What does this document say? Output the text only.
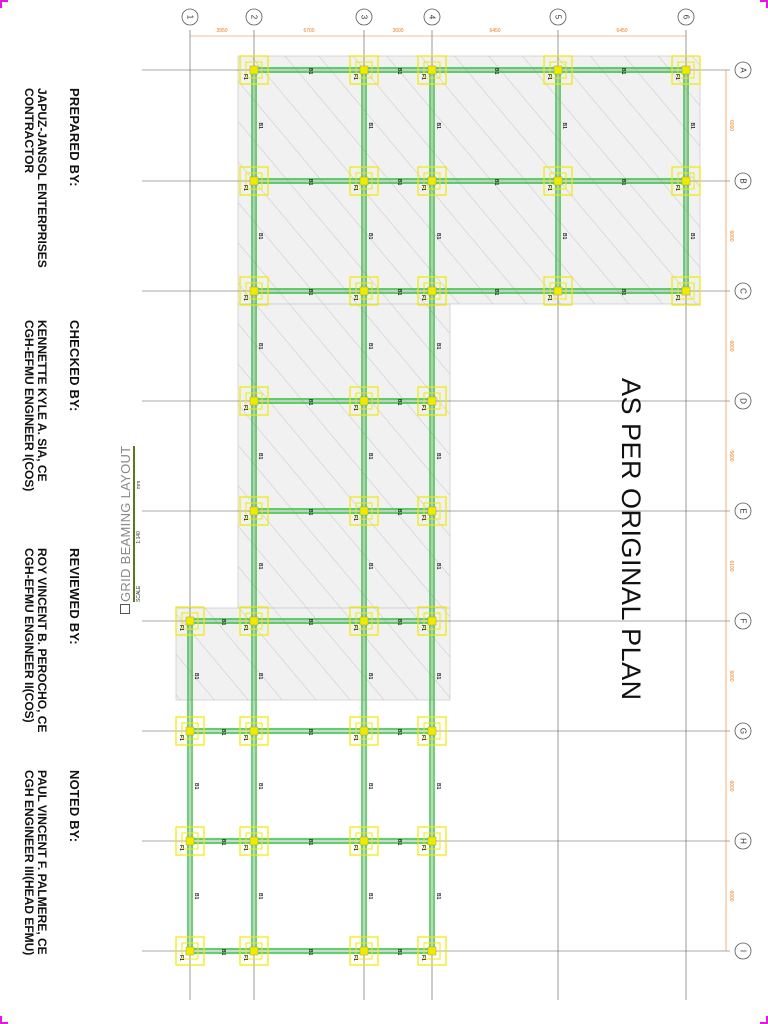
F1	F1	F1	F1	F1
F1	F1	F1	F1	F1
F1	F1	F1	F1	F1
F1	F1	F1
F1	F1	F1
F1	F1	F1	F1
F1	F1	F1	F1
F1	F1	F1	F1
F1	F1	F1	F1
B1	B1	B1	B1
B1	B1	B1	B1
B1	B1	B1	B1
B1	B1
B1	B1
B1	B1	B1
B1	B1	B1
B1	B1	B1
B1	B1	B1
B1
B1
B1
B1
B1
B1
B1
B1
B1
B1
B1
B1
B1
B1
B1
B1
B1
B1
B1
B1
B1
B1
B1
B1
B1
B1
B1
B1
B1
B1
B1
3950	6700	3600	6450	6450
6000
6000
6000
5600
6100
6000
6000
6000
1	2	3	4	5	6
A
B
C
D
E
F
G
H
I
AS PER ORIGINAL PLAN
GRID BEAMING LAYOUT SCALE
1:140
mm
PREPARED BY:
JAPUZ-JANSOL ENTERPRISES
CONTRACTOR
CHECKED BY:
KENNETTE KYLE A. SIA, CE
CGH-EFMU ENGINEER I(COS)
REVIEWED BY:
ROY VINCENT B. PEROCHO, CE
CGH-EFMU ENGINEER II(COS)
NOTED BY:
PAUL VINCENT F. PALMERE, CE
CGH ENGINEER III(HEAD EFMU)
